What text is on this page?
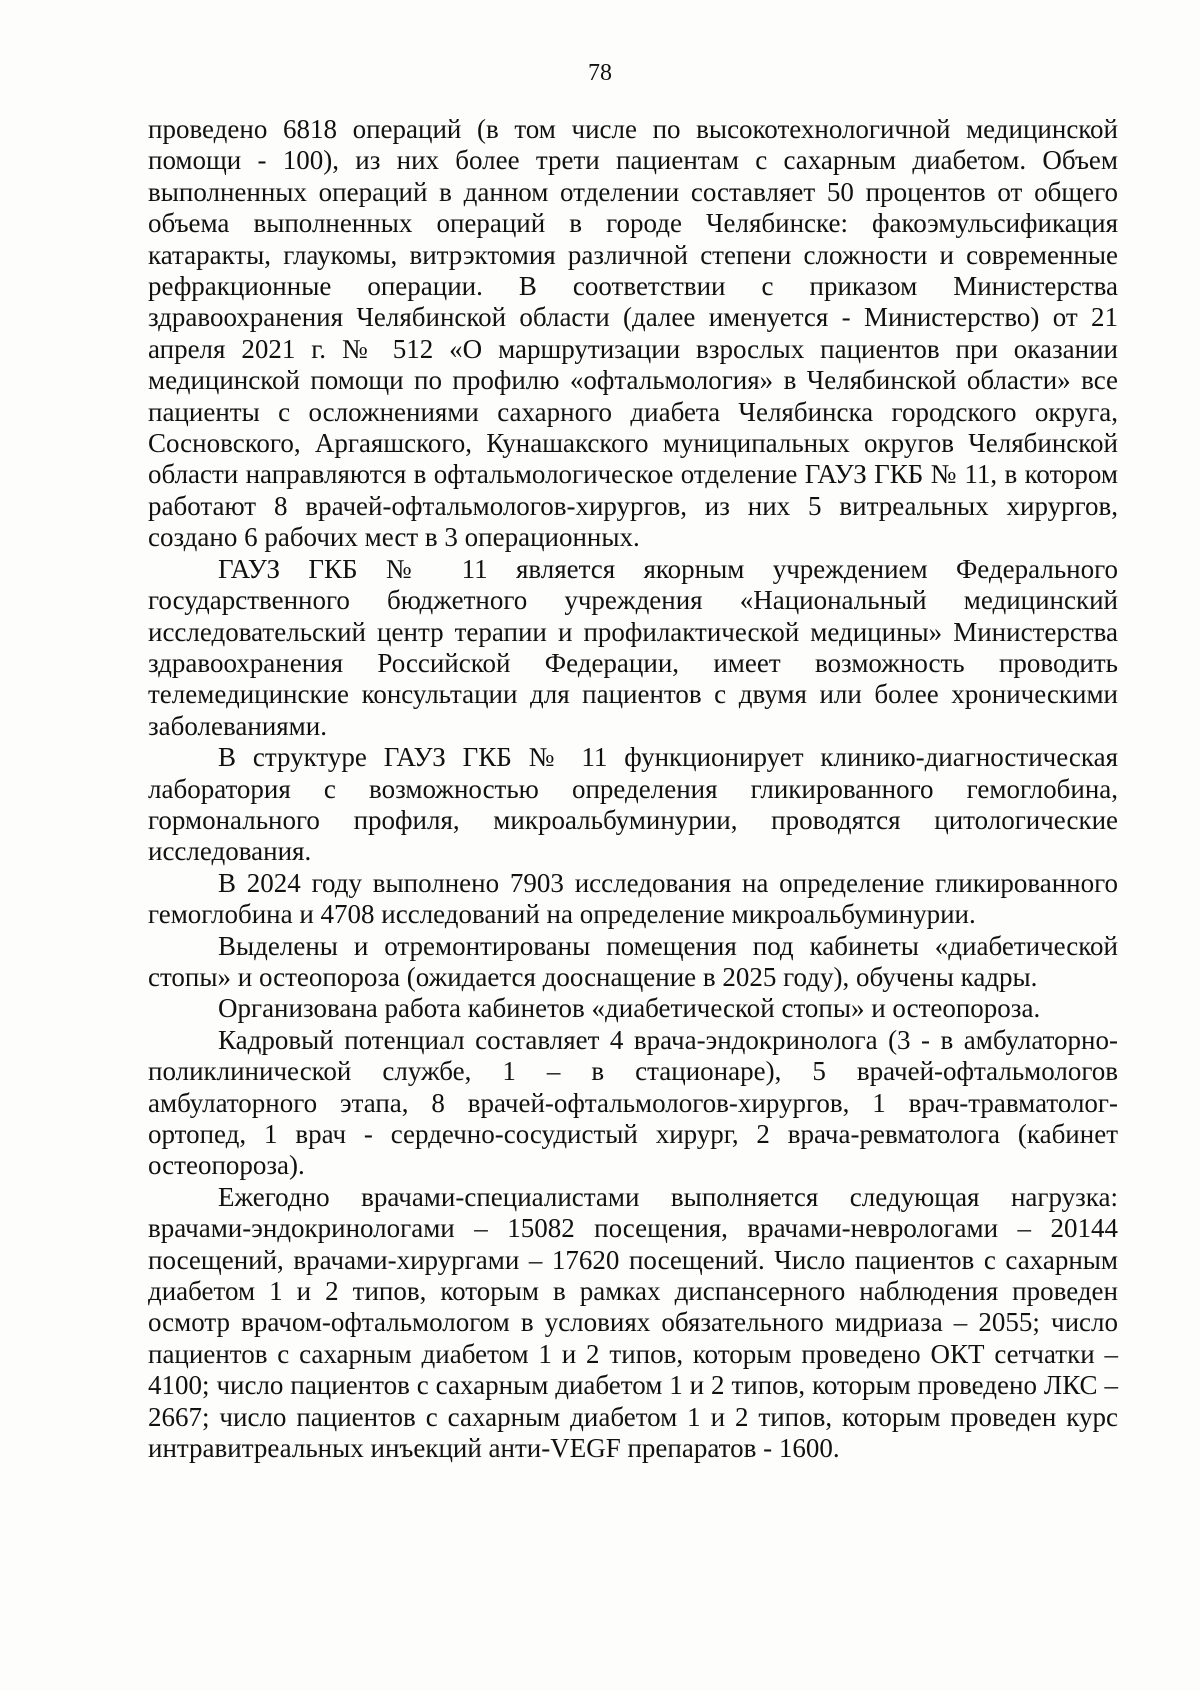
78

проведено 6818 операций (в том числе по высокотехнологичной медицинской помощи - 100), из них более трети пациентам с сахарным диабетом. Объем выполненных операций в данном отделении составляет 50 процентов от общего объема выполненных операций в городе Челябинске: факоэмульсификация катаракты, глаукомы, витрэктомия различной степени сложности и современные рефракционные операции. В соответствии с приказом Министерства здравоохранения Челябинской области (далее именуется - Министерство) от 21 апреля 2021 г. № 512 «О маршрутизации взрослых пациентов при оказании медицинской помощи по профилю «офтальмология» в Челябинской области» все пациенты с осложнениями сахарного диабета Челябинска городского округа, Сосновского, Аргаяшского, Кунашакского муниципальных округов Челябинской области направляются в офтальмологическое отделение ГАУЗ ГКБ № 11, в котором работают 8 врачей-офтальмологов-хирургов, из них 5 витреальных хирургов, создано 6 рабочих мест в 3 операционных.

ГАУЗ ГКБ № 11 является якорным учреждением Федерального государственного бюджетного учреждения «Национальный медицинский исследовательский центр терапии и профилактической медицины» Министерства здравоохранения Российской Федерации, имеет возможность проводить телемедицинские консультации для пациентов с двумя или более хроническими заболеваниями.

В структуре ГАУЗ ГКБ № 11 функционирует клинико-диагностическая лаборатория с возможностью определения гликированного гемоглобина, гормонального профиля, микроальбуминурии, проводятся цитологические исследования.

В 2024 году выполнено 7903 исследования на определение гликированного гемоглобина и 4708 исследований на определение микроальбуминурии.

Выделены и отремонтированы помещения под кабинеты «диабетической стопы» и остеопороза (ожидается дооснащение в 2025 году), обучены кадры.

Организована работа кабинетов «диабетической стопы» и остеопороза.

Кадровый потенциал составляет 4 врача-эндокринолога (3 - в амбулаторно-поликлинической службе, 1 – в стационаре), 5 врачей-офтальмологов амбулаторного этапа, 8 врачей-офтальмологов-хирургов, 1 врач-травматолог-ортопед, 1 врач - сердечно-сосудистый хирург, 2 врача-ревматолога (кабинет остеопороза).

Ежегодно врачами-специалистами выполняется следующая нагрузка: врачами-эндокринологами – 15082 посещения, врачами-неврологами – 20144 посещений, врачами-хирургами – 17620 посещений. Число пациентов с сахарным диабетом 1 и 2 типов, которым в рамках диспансерного наблюдения проведен осмотр врачом-офтальмологом в условиях обязательного мидриаза – 2055; число пациентов с сахарным диабетом 1 и 2 типов, которым проведено ОКТ сетчатки – 4100; число пациентов с сахарным диабетом 1 и 2 типов, которым проведено ЛКС – 2667; число пациентов с сахарным диабетом 1 и 2 типов, которым проведен курс интравитреальных инъекций анти-VEGF препаратов - 1600.
